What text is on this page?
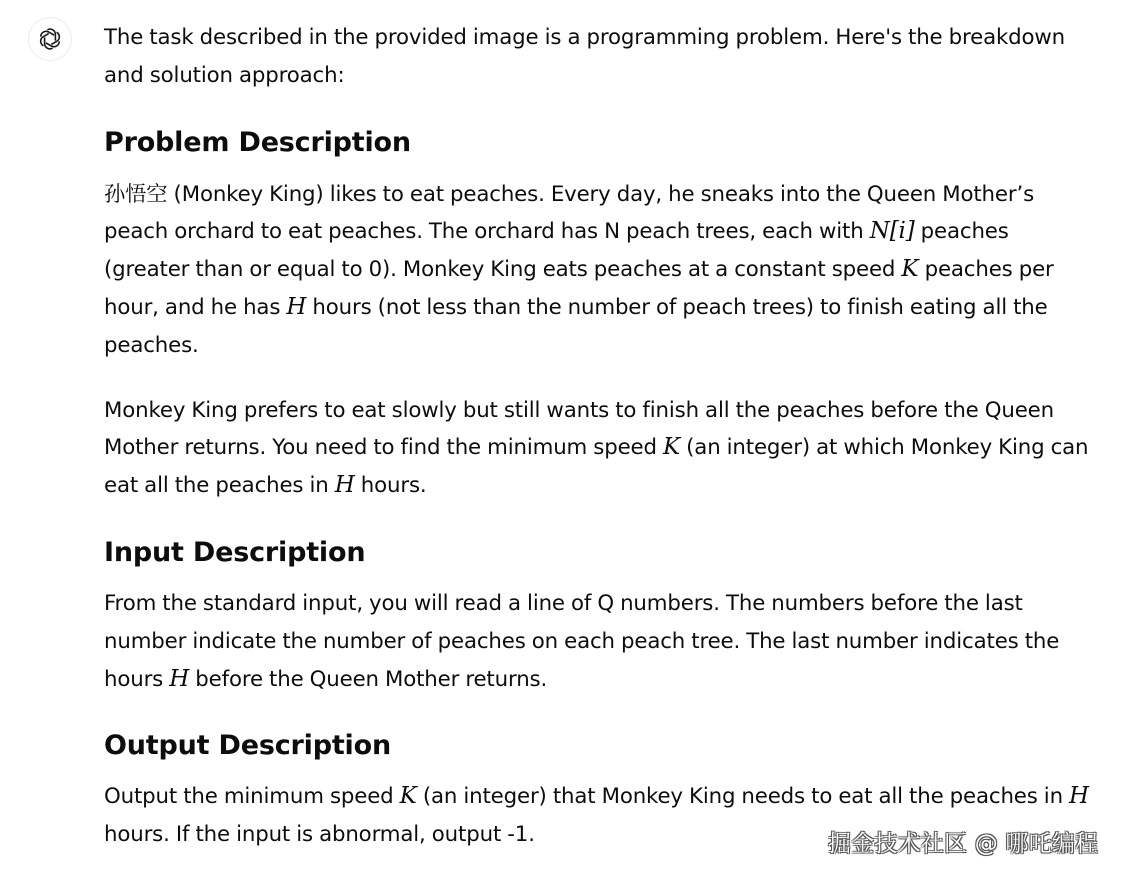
The task described in the provided image is a programming problem. Here's the breakdown and solution approach:

Problem Description

孙悟空 (Monkey King) likes to eat peaches. Every day, he sneaks into the Queen Mother’s peach orchard to eat peaches. The orchard has N peach trees, each with N[i] peaches (greater than or equal to 0). Monkey King eats peaches at a constant speed K peaches per hour, and he has H hours (not less than the number of peach trees) to finish eating all the peaches.

Monkey King prefers to eat slowly but still wants to finish all the peaches before the Queen Mother returns. You need to find the minimum speed K (an integer) at which Monkey King can eat all the peaches in H hours.

Input Description

From the standard input, you will read a line of Q numbers. The numbers before the last number indicate the number of peaches on each peach tree. The last number indicates the hours H before the Queen Mother returns.

Output Description

Output the minimum speed K (an integer) that Monkey King needs to eat all the peaches in H hours. If the input is abnormal, output -1.	掘金技术社区 @ 哪吒编程
